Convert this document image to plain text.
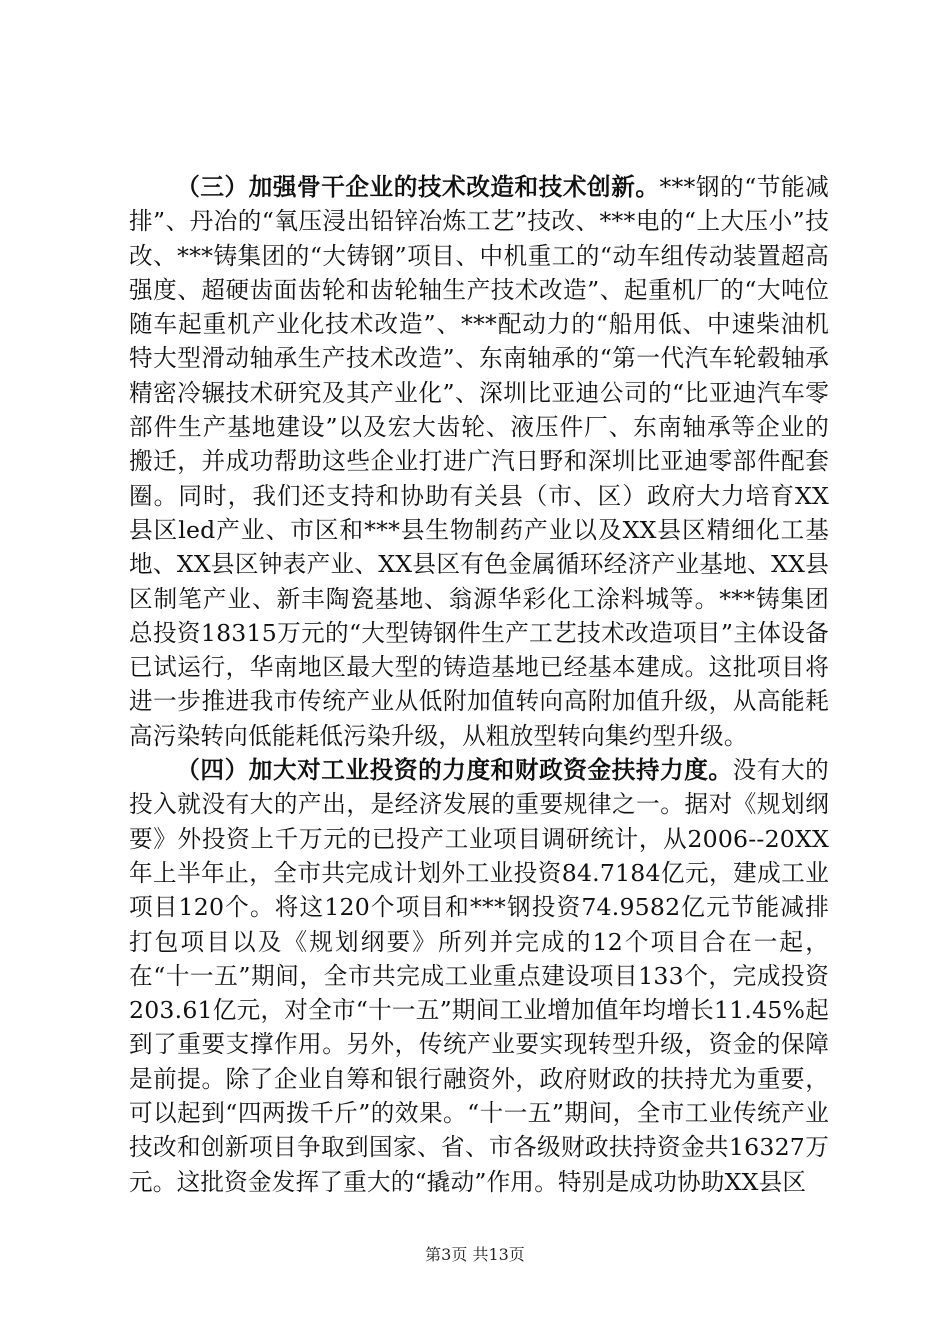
（三）加强骨干企业的技术改造和技术创新。***钢的“节能减排”、丹冶的“氧压浸出铅锌冶炼工艺”技改、***电的“上大压小”技改、***铸集团的“大铸钢”项目、中机重工的“动车组传动装置超高强度、超硬齿面齿轮和齿轮轴生产技术改造”、起重机厂的“大吨位随车起重机产业化技术改造”、***配动力的“船用低、中速柴油机特大型滑动轴承生产技术改造”、东南轴承的“第一代汽车轮毂轴承精密冷辗技术研究及其产业化”、深圳比亚迪公司的“比亚迪汽车零部件生产基地建设”以及宏大齿轮、液压件厂、东南轴承等企业的搬迁，并成功帮助这些企业打进广汽日野和深圳比亚迪零部件配套圈。同时，我们还支持和协助有关县（市、区）政府大力培育XX县区led产业、市区和***县生物制药产业以及XX县区精细化工基地、XX县区钟表产业、XX县区有色金属循环经济产业基地、XX县区制笔产业、新丰陶瓷基地、翁源华彩化工涂料城等。***铸集团总投资18315万元的“大型铸钢件生产工艺技术改造项目”主体设备已试运行，华南地区最大型的铸造基地已经基本建成。这批项目将进一步推进我市传统产业从低附加值转向高附加值升级，从高能耗高污染转向低能耗低污染升级，从粗放型转向集约型升级。

（四）加大对工业投资的力度和财政资金扶持力度。没有大的投入就没有大的产出，是经济发展的重要规律之一。据对《规划纲要》外投资上千万元的已投产工业项目调研统计，从2006--20XX年上半年止，全市共完成计划外工业投资84.7184亿元，建成工业项目120个。将这120个项目和***钢投资74.9582亿元节能减排打包项目以及《规划纲要》所列并完成的12个项目合在一起，在“十一五”期间，全市共完成工业重点建设项目133个，完成投资203.61亿元，对全市“十一五”期间工业增加值年均增长11.45%起到了重要支撑作用。另外，传统产业要实现转型升级，资金的保障是前提。除了企业自筹和银行融资外，政府财政的扶持尤为重要，可以起到“四两拨千斤”的效果。“十一五”期间，全市工业传统产业技改和创新项目争取到国家、省、市各级财政扶持资金共16327万元。这批资金发挥了重大的“撬动”作用。特别是成功协助XX县区

第3页 共13页
